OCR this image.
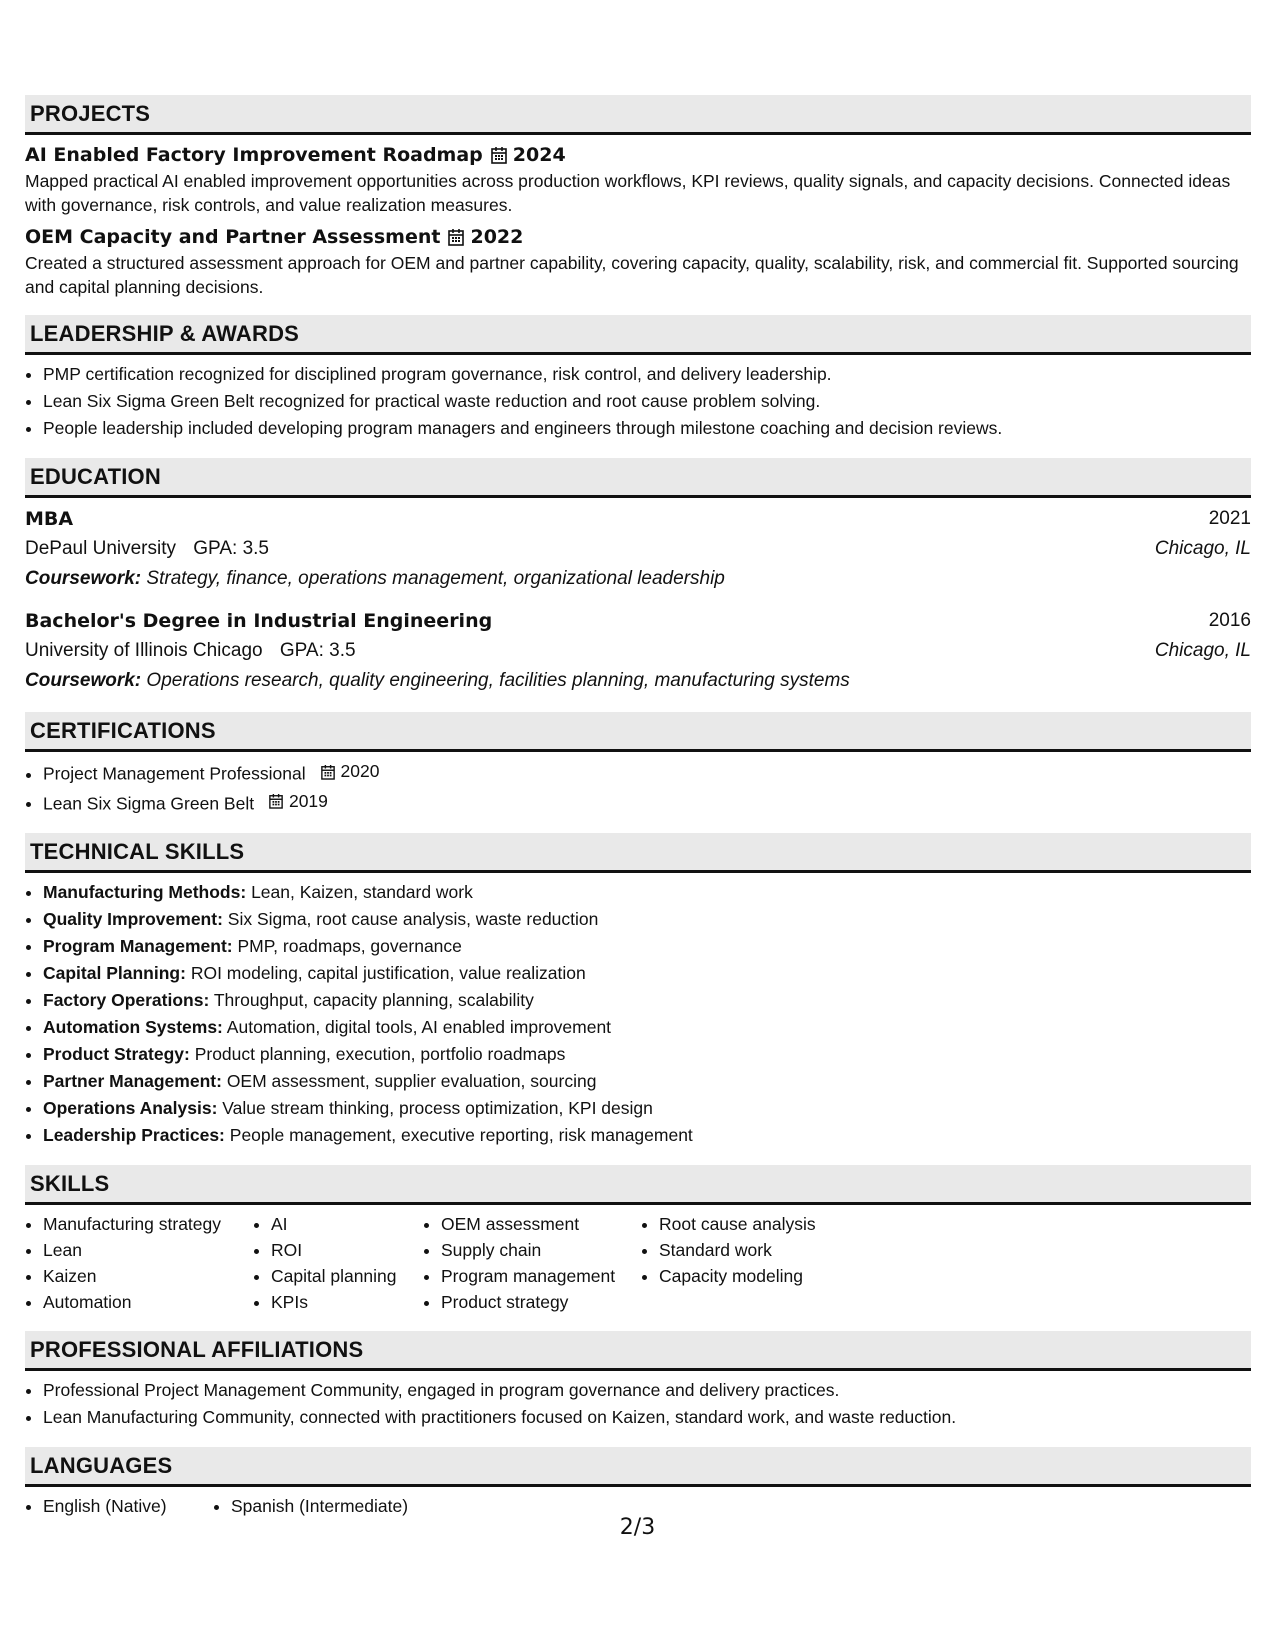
PROJECTS
AI Enabled Factory Improvement Roadmap 2024
Mapped practical AI enabled improvement opportunities across production workflows, KPI reviews, quality signals, and capacity decisions. Connected ideas with governance, risk controls, and value realization measures.
OEM Capacity and Partner Assessment 2022
Created a structured assessment approach for OEM and partner capability, covering capacity, quality, scalability, risk, and commercial fit. Supported sourcing and capital planning decisions.
LEADERSHIP & AWARDS
• PMP certification recognized for disciplined program governance, risk control, and delivery leadership.
• Lean Six Sigma Green Belt recognized for practical waste reduction and root cause problem solving.
• People leadership included developing program managers and engineers through milestone coaching and decision reviews.
EDUCATION
MBA	2021
DePaul University GPA: 3.5	Chicago, IL
Coursework: Strategy, finance, operations management, organizational leadership
Bachelor's Degree in Industrial Engineering	2016
University of Illinois Chicago GPA: 3.5	Chicago, IL
Coursework: Operations research, quality engineering, facilities planning, manufacturing systems
CERTIFICATIONS
• Project Management Professional 2020
• Lean Six Sigma Green Belt 2019
TECHNICAL SKILLS
• Manufacturing Methods: Lean, Kaizen, standard work
• Quality Improvement: Six Sigma, root cause analysis, waste reduction
• Program Management: PMP, roadmaps, governance
• Capital Planning: ROI modeling, capital justification, value realization
• Factory Operations: Throughput, capacity planning, scalability
• Automation Systems: Automation, digital tools, AI enabled improvement
• Product Strategy: Product planning, execution, portfolio roadmaps
• Partner Management: OEM assessment, supplier evaluation, sourcing
• Operations Analysis: Value stream thinking, process optimization, KPI design
• Leadership Practices: People management, executive reporting, risk management
SKILLS
• Manufacturing strategy
• Lean
• Kaizen
• Automation
• AI
• ROI
• Capital planning
• KPIs
• OEM assessment
• Supply chain
• Program management
• Product strategy
• Root cause analysis
• Standard work
• Capacity modeling
PROFESSIONAL AFFILIATIONS
• Professional Project Management Community, engaged in program governance and delivery practices.
• Lean Manufacturing Community, connected with practitioners focused on Kaizen, standard work, and waste reduction.
LANGUAGES
• English (Native)
•	Spanish (Intermediate)
2/3
